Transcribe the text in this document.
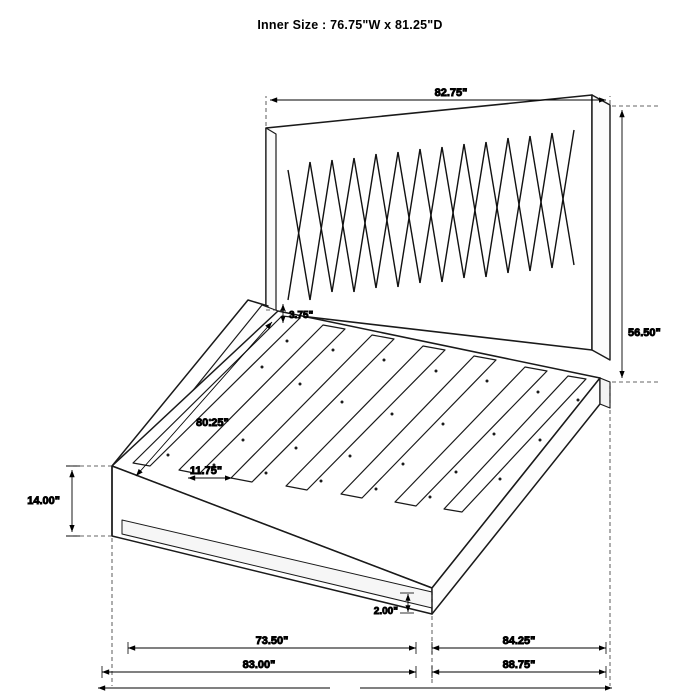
Inner Size : 76.75"W x 81.25"D
82.75"
56.50"
3.75"
80.25"
11.75"
14.00"
2.00"
73.50"	84.25"
83.00"	88.75"
